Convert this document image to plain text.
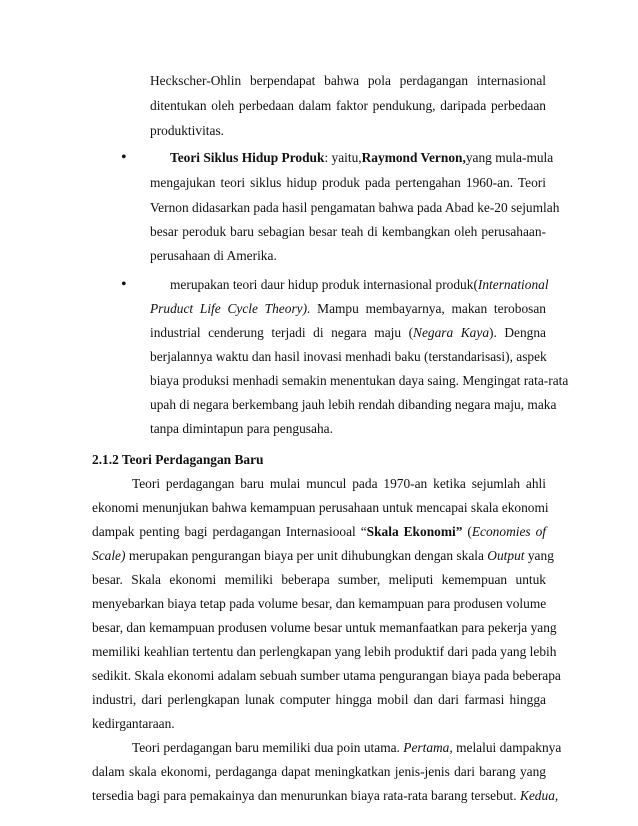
Heckscher-Ohlin berpendapat bahwa pola perdagangan internasional
ditentukan oleh perbedaan dalam faktor pendukung, daripada perbedaan
produktivitas.
•	Teori Siklus Hidup Produk: yaitu, Raymond Vernon, yang mula-mula
mengajukan teori siklus hidup produk pada pertengahan 1960-an. Teori
Vernon didasarkan pada hasil pengamatan bahwa pada Abad ke-20 sejumlah
besar peroduk baru sebagian besar teah di kembangkan oleh perusahaan-
perusahaan di Amerika.
•	merupakan teori daur hidup produk internasional produk(International
Pruduct Life Cycle Theory). Mampu membayarnya, makan terobosan
industrial cenderung terjadi di negara maju (Negara Kaya). Dengna
berjalannya waktu dan hasil inovasi menhadi baku (terstandarisasi), aspek
biaya produksi menhadi semakin menentukan daya saing. Mengingat rata-rata
upah di negara berkembang jauh lebih rendah dibanding negara maju, maka
tanpa dimintapun para pengusaha.
2.1.2 Teori Perdagangan Baru
Teori perdagangan baru mulai muncul pada 1970-an ketika sejumlah ahli
ekonomi menunjukan bahwa kemampuan perusahaan untuk mencapai skala ekonomi
dampak penting bagi perdagangan Internasiooal “Skala Ekonomi” (Economies of
Scale) merupakan pengurangan biaya per unit dihubungkan dengan skala Output yang
besar. Skala ekonomi memiliki beberapa sumber, meliputi kemempuan untuk
menyebarkan biaya tetap pada volume besar, dan kemampuan para produsen volume
besar, dan kemampuan produsen volume besar untuk memanfaatkan para pekerja yang
memiliki keahlian tertentu dan perlengkapan yang lebih produktif dari pada yang lebih
sedikit. Skala ekonomi adalam sebuah sumber utama pengurangan biaya pada beberapa
industri, dari perlengkapan lunak computer hingga mobil dan dari farmasi hingga
kedirgantaraan.
Teori perdagangan baru memiliki dua poin utama. Pertama, melalui dampaknya
dalam skala ekonomi, perdaganga dapat meningkatkan jenis-jenis dari barang yang
tersedia bagi para pemakainya dan menurunkan biaya rata-rata barang tersebut. Kedua,
